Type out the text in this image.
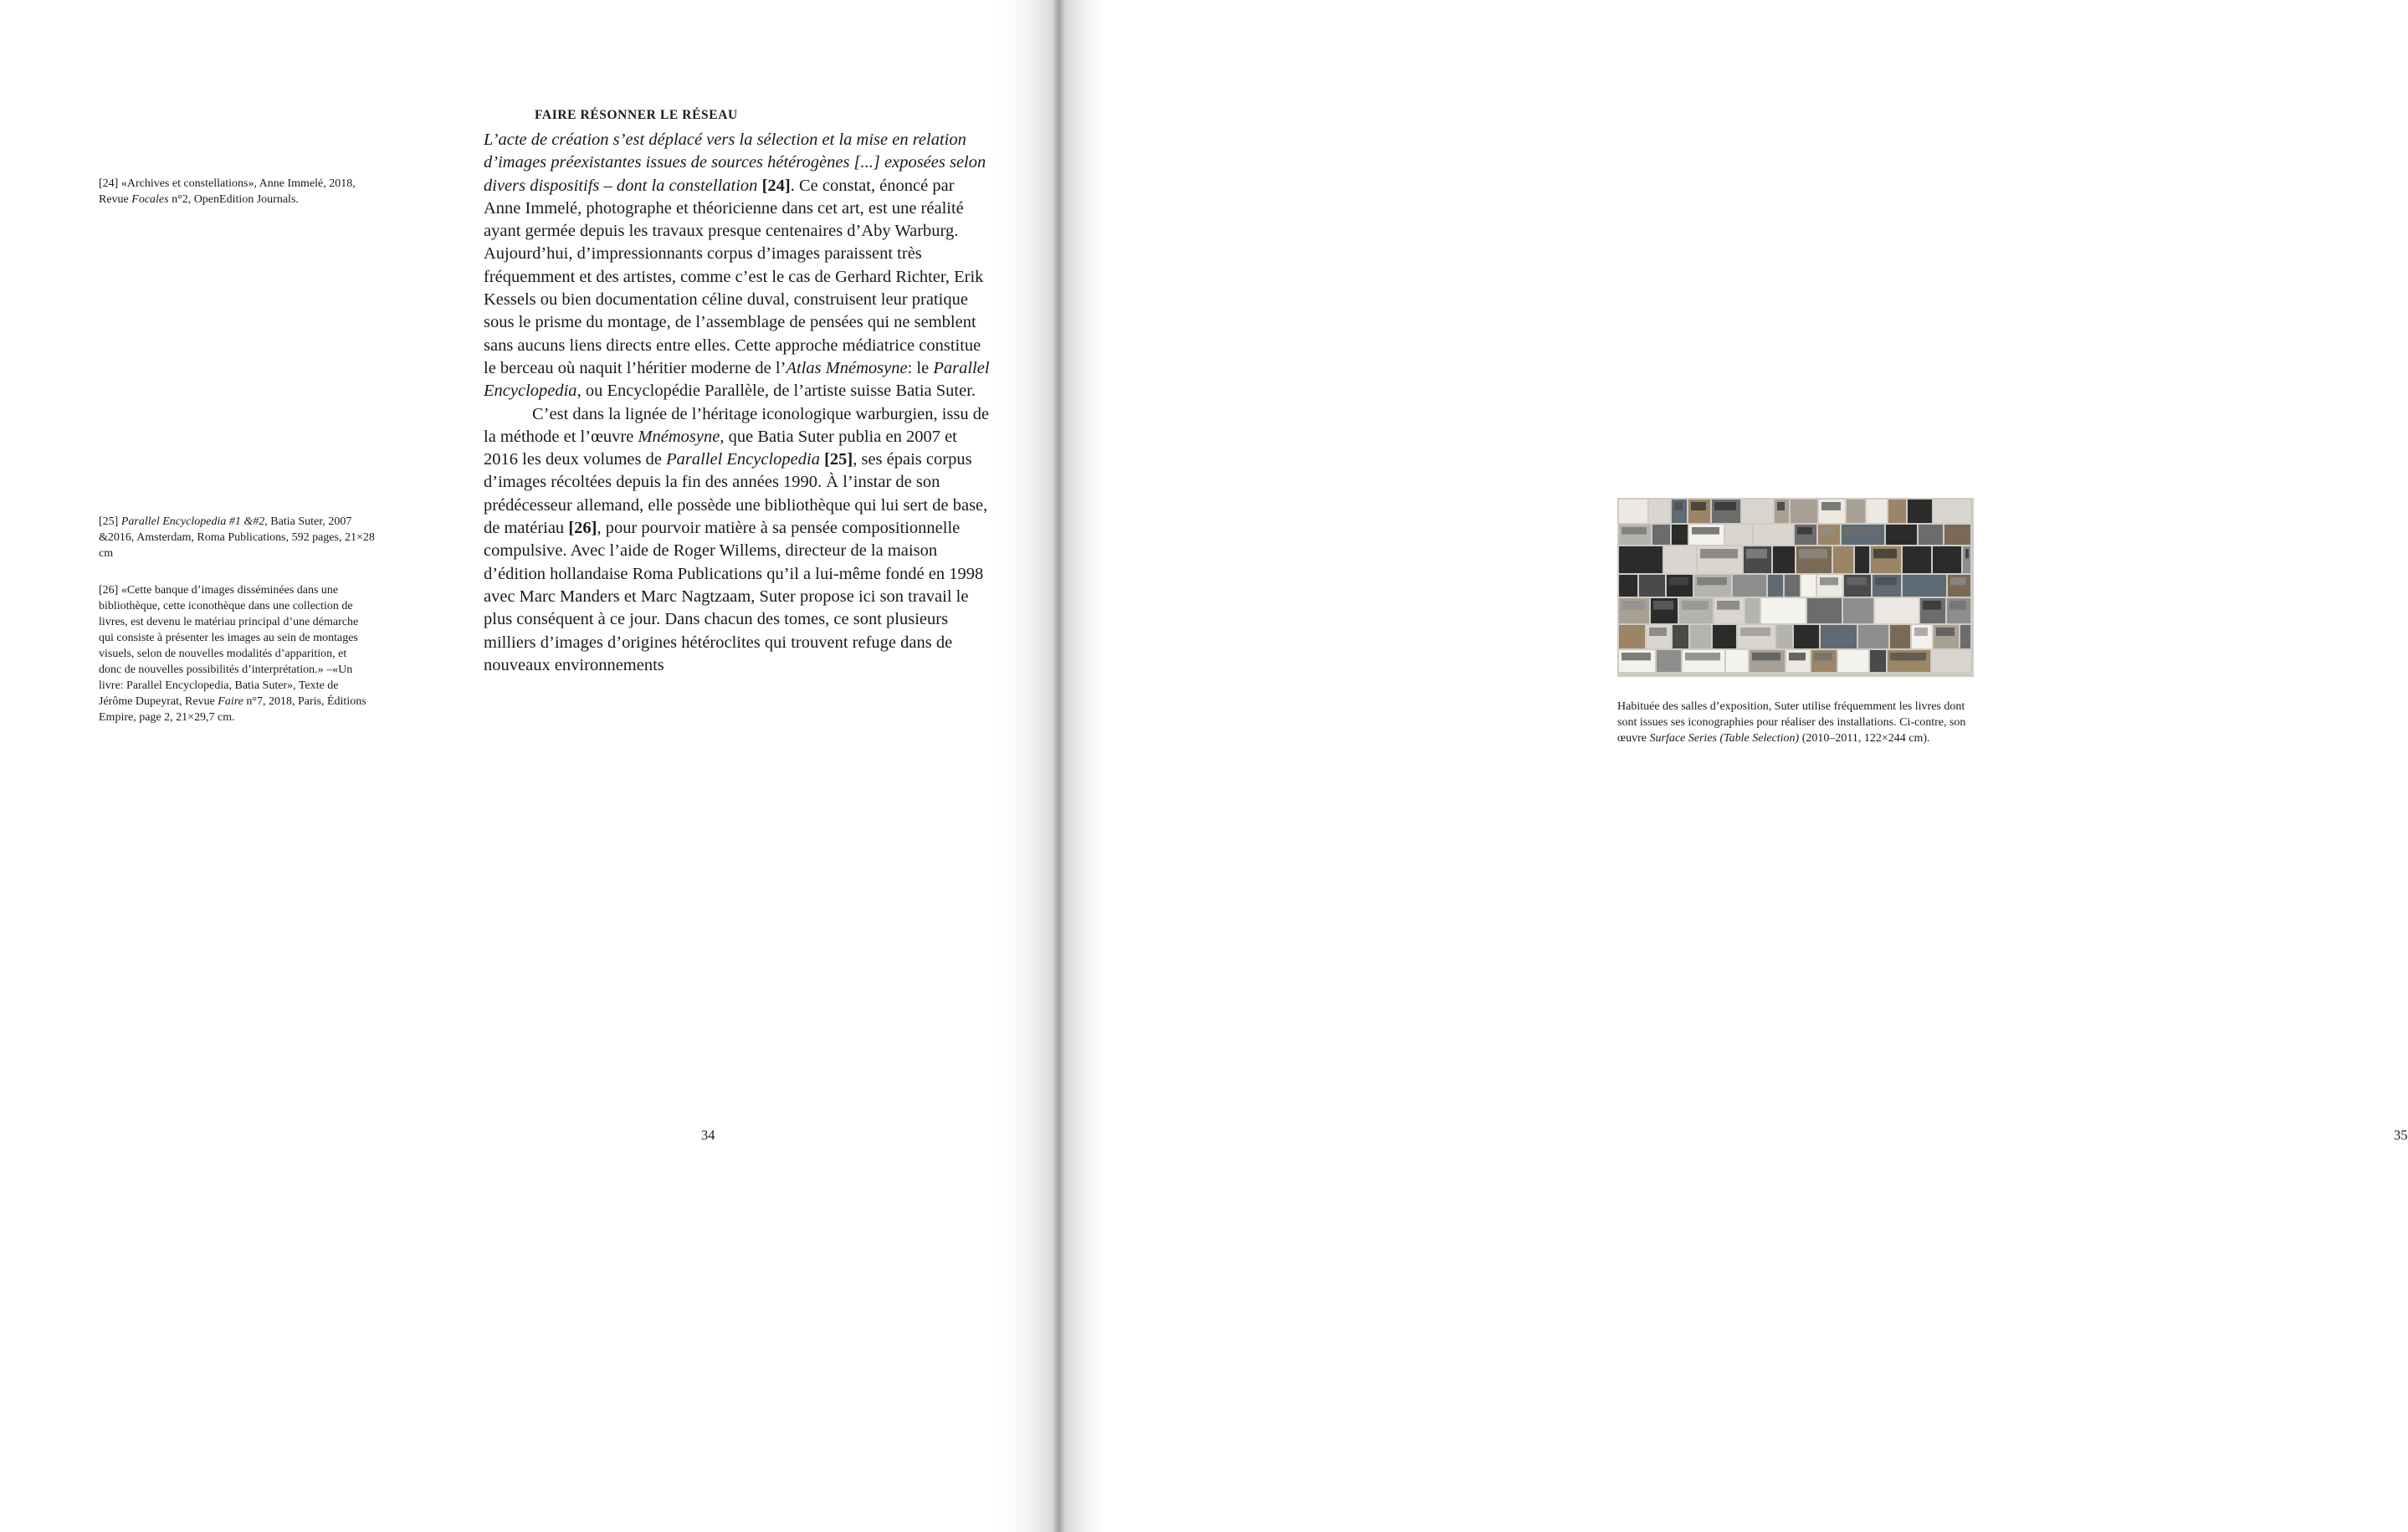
[24] «Archives et constellations», Anne Immelé, 2018, Revue Focales n°2, OpenEdition Journals.

[25] Parallel Encyclopedia #1 &#2, Batia Suter, 2007 &2016, Amsterdam, Roma Publications, 592 pages, 21×28 cm

[26] «Cette banque d’images disséminées dans une bibliothèque, cette iconothèque dans une collection de livres, est devenu le matériau principal d’une démarche qui consiste à présenter les images au sein de montages visuels, selon de nouvelles modalités d’apparition, et donc de nouvelles possibilités d’interprétation.» –«Un livre: Parallel Encyclopedia, Batia Suter», Texte de Jérôme Dupeyrat, Revue Faire n°7, 2018, Paris, Éditions Empire, page 2, 21×29,7 cm.

FAIRE RÉSONNER LE RÉSEAU

L’acte de création s’est déplacé vers la sélection et la mise en relation d’images préexistantes issues de sources hétérogènes [...] exposées selon divers dispositifs – dont la constellation [24]. Ce constat, énoncé par Anne Immelé, photographe et théoricienne dans cet art, est une réalité ayant germée depuis les travaux presque centenaires d’Aby Warburg. Aujourd’hui, d’impressionnants corpus d’images paraissent très fréquemment et des artistes, comme c’est le cas de Gerhard Richter, Erik Kessels ou bien documentation céline duval, construisent leur pratique sous le prisme du montage, de l’assemblage de pensées qui ne semblent sans aucuns liens directs entre elles. Cette approche médiatrice constitue le berceau où naquit l’héritier moderne de l’Atlas Mnémosyne: le Parallel Encyclopedia, ou Encyclopédie Parallèle, de l’artiste suisse Batia Suter.

C’est dans la lignée de l’héritage iconologique warburgien, issu de la méthode et l’œuvre Mnémosyne, que Batia Suter publia en 2007 et 2016 les deux volumes de Parallel Encyclopedia [25], ses épais corpus d’images récoltées depuis la fin des années 1990. À l’instar de son prédécesseur allemand, elle possède une bibliothèque qui lui sert de base, de matériau [26], pour pourvoir matière à sa pensée compositionnelle compulsive. Avec l’aide de Roger Willems, directeur de la maison d’édition hollandaise Roma Publications qu’il a lui-même fondé en 1998 avec Marc Manders et Marc Nagtzaam, Suter propose ici son travail le plus conséquent à ce jour. Dans chacun des tomes, ce sont plusieurs milliers d’images d’origines hétéroclites qui trouvent refuge dans de nouveaux environnements

34	35

Habituée des salles d’exposition, Suter utilise fréquemment les livres dont sont issues ses iconographies pour réaliser des installations. Ci-contre, son œuvre Surface Series (Table Selection) (2010–2011, 122×244 cm).
